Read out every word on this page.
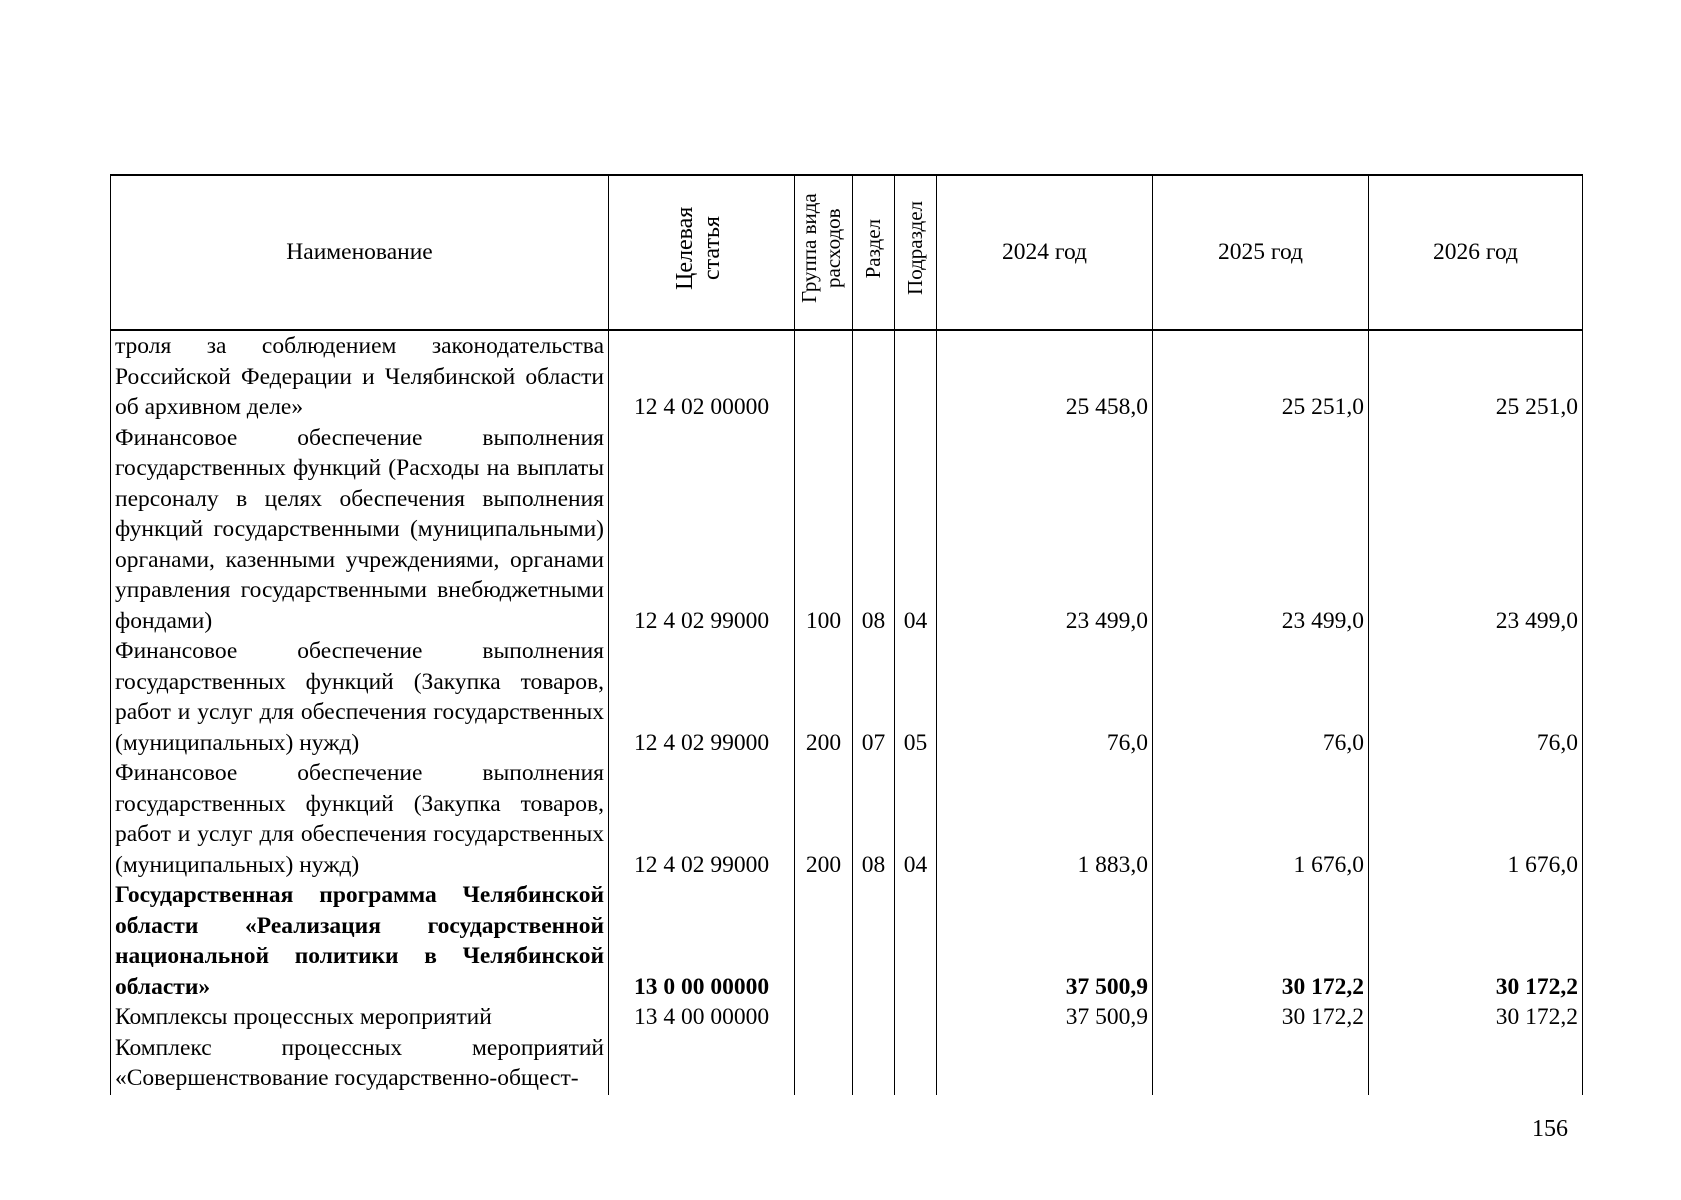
Наименование	Целевая статья	Группа вида расходов	Раздел	Подраздел	2024 год	2025 год	2026 год
троля за соблюдением законодательства Российской Федерации и Челябинской области об архивном деле»	12 4 02 00000				25 458,0	25 251,0	25 251,0
Финансовое обеспечение выполнения государственных функций (Расходы на выплаты персоналу в целях обеспечения выполнения функций государственными (муниципальными) органами, казенными учреждениями, органами управления государственными внебюджетными фондами)	12 4 02 99000	100	08	04	23 499,0	23 499,0	23 499,0
Финансовое обеспечение выполнения государственных функций (Закупка товаров, работ и услуг для обеспечения государственных (муниципальных) нужд)	12 4 02 99000	200	07	05	76,0	76,0	76,0
Финансовое обеспечение выполнения государственных функций (Закупка товаров, работ и услуг для обеспечения государственных (муниципальных) нужд)	12 4 02 99000	200	08	04	1 883,0	1 676,0	1 676,0
Государственная программа Челябинской области «Реализация государственной национальной политики в Челябинской области»	13 0 00 00000				37 500,9	30 172,2	30 172,2
Комплексы процессных мероприятий	13 4 00 00000				37 500,9	30 172,2	30 172,2
Комплекс процессных мероприятий «Совершенствование государственно-общест-							
156
